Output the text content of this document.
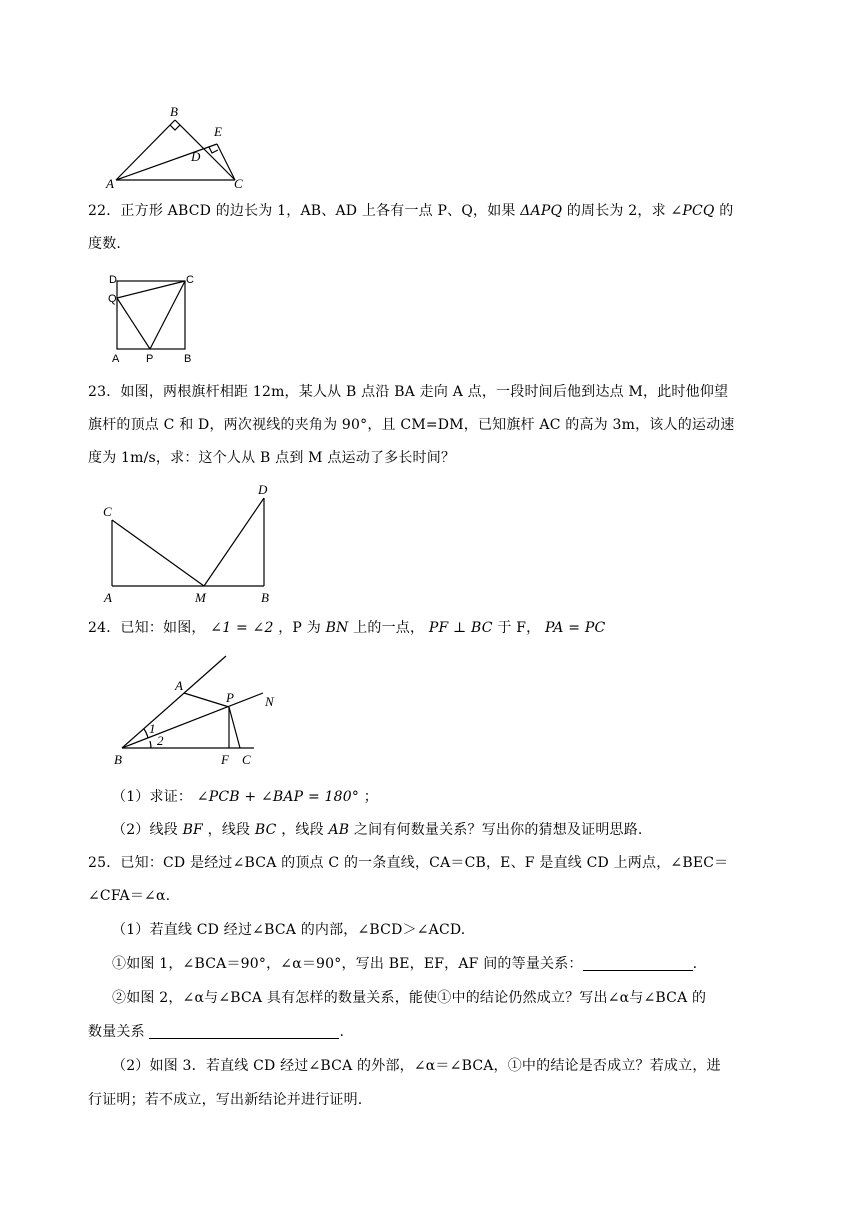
A
B
C
D
E
22．正方形 ABCD 的边长为 1，AB、AD 上各有一点 P、Q，如果 ΔAPQ 的周长为 2，求 ∠PCQ 的
度数.
D	C
Q
A P	B
23．如图，两根旗杆相距 12m，某人从 B 点沿 BA 走向 A 点，一段时间后他到达点 M，此时他仰望
旗杆的顶点 C 和 D，两次视线的夹角为 90°，且 CM=DM，已知旗杆 AC 的高为 3m，该人的运动速
度为 1m/s，求：这个人从 B 点到 M 点运动了多长时间？
C
D
A	M	B
24．已知：如图， ∠1 = ∠2 ，P 为 BN 上的一点， PF ⊥ BC 于 F， PA = PC
A
P N
B	F C
1
2
（1）求证： ∠PCB + ∠BAP = 180° ；
（2）线段 BF ，线段 BC ，线段 AB 之间有何数量关系？写出你的猜想及证明思路.
25．已知：CD 是经过∠BCA 的顶点 C 的一条直线，CA＝CB，E、F 是直线 CD 上两点，∠BEC＝
∠CFA＝∠α.
（1）若直线 CD 经过∠BCA 的内部，∠BCD＞∠ACD.
①如图 1，∠BCA＝90°，∠α＝90°，写出 BE，EF，AF 间的等量关系：	.
②如图 2，∠α与∠BCA 具有怎样的数量关系，能使①中的结论仍然成立？写出∠α与∠BCA 的
数量关系	.
（2）如图 3．若直线 CD 经过∠BCA 的外部，∠α＝∠BCA，①中的结论是否成立？若成立，进
行证明；若不成立，写出新结论并进行证明.
